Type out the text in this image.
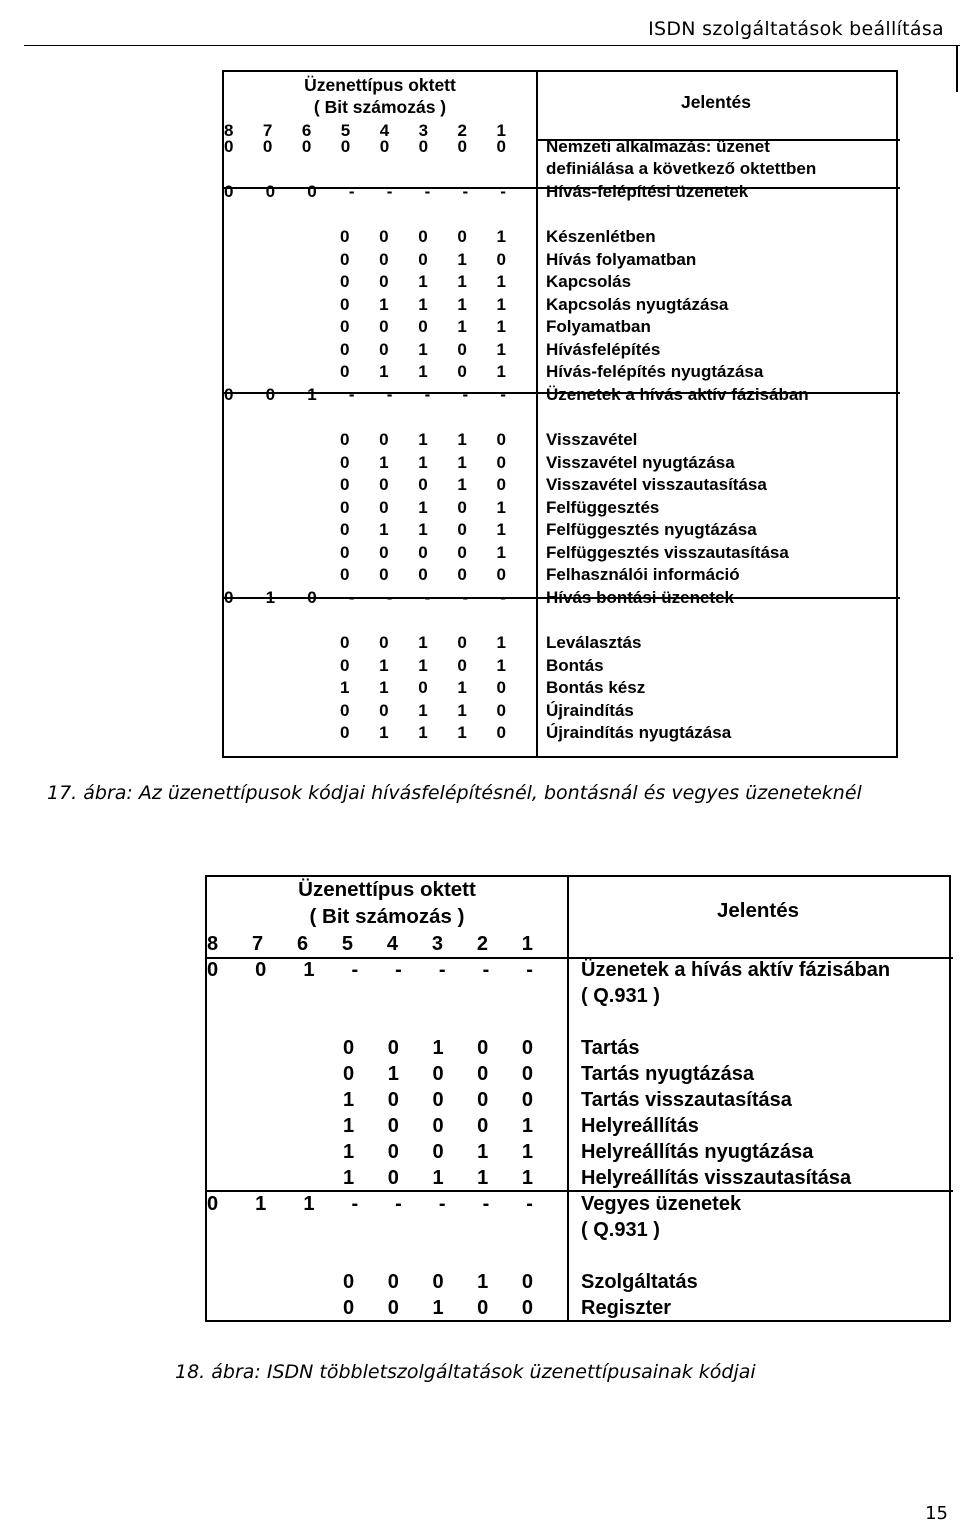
ISDN szolgáltatások beállítása
Üzenettípus oktett
( Bit számozás )
8 7 6 5 4 3 2 1
Jelentés
0 0 0 0 0 0 0 0 Nemzeti alkalmazás: üzenet
definiálása a következő oktettben
0 0 0 - - - - - Hívás-felépítési üzenetek
0 0 0 0 1 Készenlétben
0 0 0 1 0 Hívás folyamatban
0 0 1 1 1 Kapcsolás
0 1 1 1 1 Kapcsolás nyugtázása
0 0 0 1 1 Folyamatban
0 0 1 0 1 Hívásfelépítés
0 1 1 0 1 Hívás-felépítés nyugtázása
0 0 1 - - - - - Üzenetek a hívás aktív fázisában
0 0 1 1 0 Visszavétel
0 1 1 1 0 Visszavétel nyugtázása
0 0 0 1 0 Visszavétel visszautasítása
0 0 1 0 1 Felfüggesztés
0 1 1 0 1 Felfüggesztés nyugtázása
0 0 0 0 1 Felfüggesztés visszautasítása
0 0 0 0 0 Felhasználói információ
0 1 0 - - - - - Hívás bontási üzenetek
0 0 1 0 1 Leválasztás
0 1 1 0 1 Bontás
1 1 0 1 0 Bontás kész
0 0 1 1 0 Újraindítás
0 1 1 1 0 Újraindítás nyugtázása
17. ábra: Az üzenettípusok kódjai hívásfelépítésnél, bontásnál és vegyes üzeneteknél
Üzenettípus oktett
( Bit számozás )
8 7 6 5 4 3 2 1
Jelentés
0 0 1 - - - - - Üzenetek a hívás aktív fázisában
( Q.931 )
0 0 1 0 0 Tartás
0 1 0 0 0 Tartás nyugtázása
1 0 0 0 0 Tartás visszautasítása
1 0 0 0 1 Helyreállítás
1 0 0 1 1 Helyreállítás nyugtázása
1 0 1 1 1 Helyreállítás visszautasítása
0 1 1 - - - - - Vegyes üzenetek
( Q.931 )
0 0 0 1 0 Szolgáltatás
0 0 1 0 0 Regiszter
18. ábra: ISDN többletszolgáltatások üzenettípusainak kódjai
15
